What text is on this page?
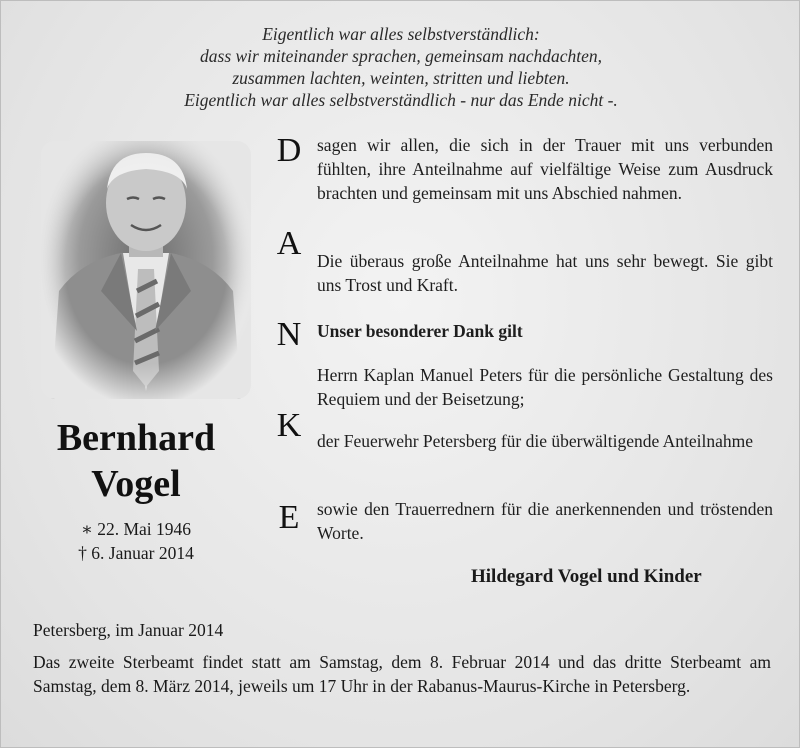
Eigentlich war alles selbstverständlich:
dass wir miteinander sprachen, gemeinsam nachdachten,
zusammen lachten, weinten, stritten und liebten.
Eigentlich war alles selbstverständlich - nur das Ende nicht -.
Bernhard
Vogel
∗ 22. Mai 1946
† 6. Januar 2014
D
A
N
K
E
sagen wir allen, die sich in der Trauer mit uns verbunden fühlten, ihre Anteilnahme auf vielfältige Weise zum Ausdruck brachten und gemeinsam mit uns Abschied nahmen.
Die überaus große Anteilnahme hat uns sehr bewegt. Sie gibt uns Trost und Kraft.
Unser besonderer Dank gilt
Herrn Kaplan Manuel Peters für die persönliche Gestaltung des Requiem und der Beisetzung;
der Feuerwehr Petersberg für die überwältigende Anteilnahme
sowie den Trauerrednern für die anerkennenden und tröstenden Worte.
Hildegard Vogel und Kinder
Petersberg, im Januar 2014
Das zweite Sterbeamt findet statt am Samstag, dem 8. Februar 2014 und das dritte Sterbeamt am Samstag, dem 8. März 2014, jeweils um 17 Uhr in der Rabanus-Maurus-Kirche in Petersberg.
